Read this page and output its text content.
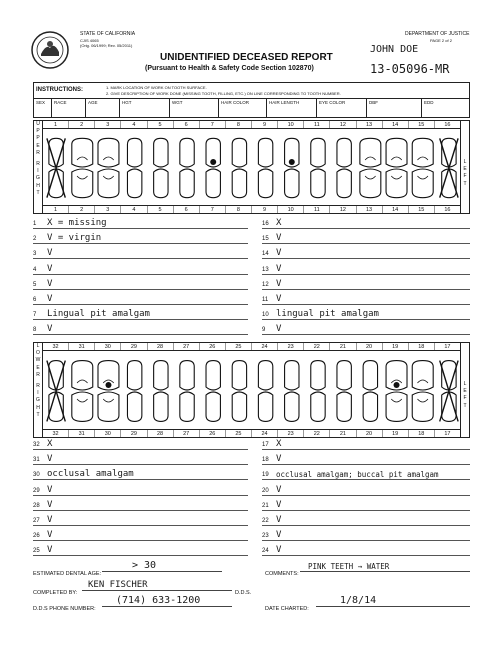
STATE OF CALIFORNIA
CJIS 4065
(Orig. 06/1999; Rev. 05/2011)
DEPARTMENT OF JUSTICE
PAGE 2 of 2
UNIDENTIFIED DECEASED REPORT
(Pursuant to Health & Safety Code Section 102870)
JOHN DOE
13-05096-MR
INSTRUCTIONS:	1. MARK LOCATION OF WORK ON TOOTH SURFACE.
2. GIVE DESCRIPTION OF WORK DONE (MISSING TOOTH, FILLING, ETC.) ON LINE CORRESPONDING TO TOOTH NUMBER.
SEX	RACE	AGE	HGT	WGT	HAIR COLOR	HAIR LENGTH	EYE COLOR	DBF	EDD
U
P
P
E
R
R
I
G
H
T
L
E
F
T
1	2	3	4	5	6	7	8	9	10	11	12	13	14	15	16
1	2	3	4	5	6	7	8	9	10	11	12	13	14	15	16
1	X = missing
2	V = virgin
3	V
4	V
5	V
6	V
7	Lingual pit amalgam
8	V
16 X
15 V
14 V
13 V
12 V
11 V
10 lingual pit amalgam
9	V
L
O
W
E
R
R
I
G
H
T
L
E
F
T
32	31	30	29	28	27	26	25	24	23	22	21	20	19	18	17
32	31	30	29	28	27	26	25	24	23	22	21	20	19	18	17
32 X
31 V
30 occlusal amalgam
29 V
28 V
27 V
26 V
25 V
17 X
18 V
19 occlusal amalgam; buccal pit amalgam
20 V
21 V
22 V
23 V
24 V
ESTIMATED DENTAL AGE:
> 30
COMMENTS:
PINK TEETH → WATER
COMPLETED BY:
KEN FISCHER
D.D.S.
D.D.S PHONE NUMBER:
(714) 633-1200
DATE CHARTED:
1/8/14
